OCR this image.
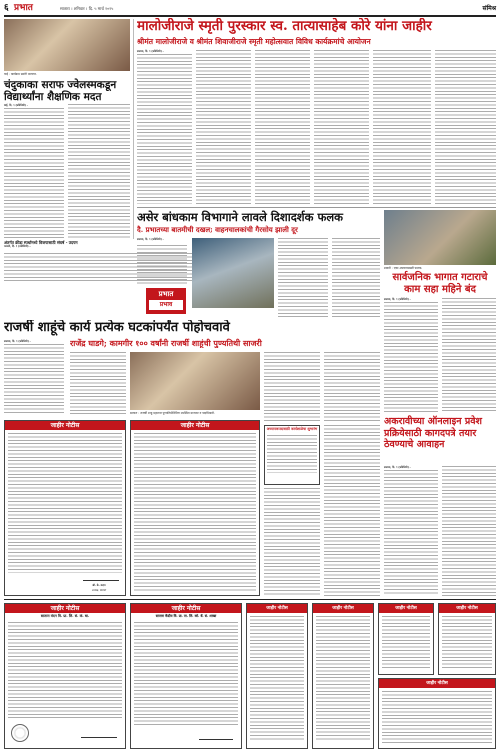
६ प्रभात	सातारा । शनिवार । दि. ५ मार्च २०२५	संमिश्र
वाई : कार्यक्रम प्रसंगी मान्यवर.
चंदुकाका सराफ ज्वेलस्मकडून विद्यार्थ्यांना शैक्षणिक मदत
वाई, दि. ९ (प्रतिनिधी) -
अंतर्गत क्रीडा स्पर्धामध्ये विजयासाठी संघर्ष - उदयन
मनाली, दि. ९ (प्रतिनिधी) -
मालोजीराजे स्मृती पुरस्कार स्व. तात्यासाहेब कोरे यांना जाहीर
श्रीमंत मालोजीराजे व श्रीमंत शिवाजीराजे स्मृती महोत्सवात विविध कार्यक्रमांचे आयोजन
सातारा, दि. ९ (प्रतिनिधी) -
असेर बांधकाम विभागाने लावले दिशादर्शक फलक
दै. प्रभातच्या बातमीची दखल; वाहनचालकांची गैरसोय झाली दूर
सातारा, दि. ९ (प्रतिनिधी) -
प्रभात
प्रभाव
ढाकरी : एका अपघातस्थळी फलक.
सार्वजनिक भागात गटाराचे काम सहा महिने बंद
सातारा, दि. ९ (प्रतिनिधी) -
राजर्षी शाहूंचे कार्य प्रत्येक घटकांपर्यंत पोहोचवावे
सातारा, दि. ९ (प्रतिनिधी) -	राजेंद्र घाडगे; कामगीर १०० वर्षांनी राजर्षी शाहूंची पुण्यतिथी साजरी
सातारा : राजर्षी शाहू महाराज पुण्यतिथीनिमित्त उपस्थित मान्यवर व पदाधिकारी.
जाहीर नोटीस
श्री. के. कदम
अध्यक्ष, सातारा
जाहीर नोटीस	अध्यापकपदासाठी कार्यशाळेचा शुभारंभ
अकरावीच्या ऑनलाइन प्रवेश प्रक्रियेसाठी कागदपत्रे तयार ठेवण्याचे आवाहन
सातारा, दि. ९ (प्रतिनिधी) -
जाहीर नोटीस
सातारा वंदन वि. प्रा. लि. सं. कं. बा.
जाहीर नोटीस
सातारा केंद्रीय वि. प्रा. ता. लि. को. बँ. सं. शाखा
जाहीर नोटीस	जाहीर नोटीस	जाहीर नोटीस	जाहीर नोटीस
जाहीर नोटीस
